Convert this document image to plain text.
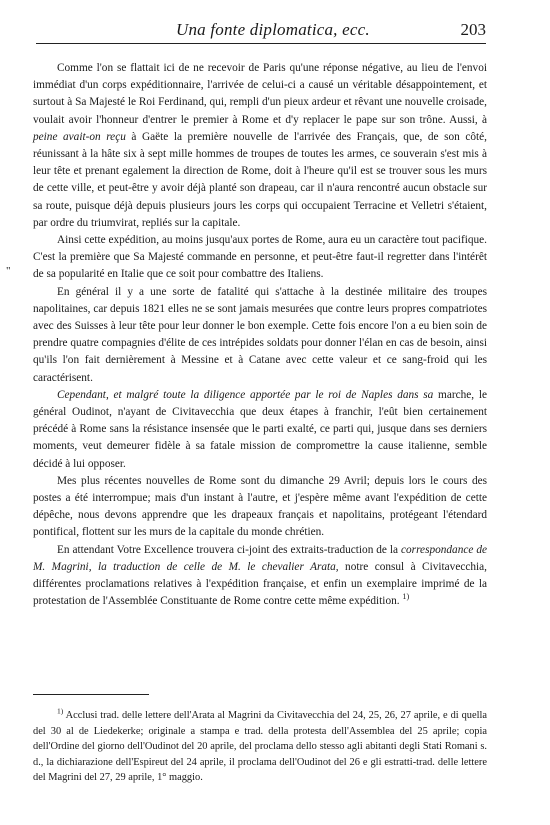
Una fonte diplomatica, ecc.	203
"

Comme l'on se flattait ici de ne recevoir de Paris qu'une réponse négative, au lieu de l'envoi immédiat d'un corps expéditionnaire, l'arrivée de celui-ci a causé un véritable désappointement, et surtout à Sa Majesté le Roi Ferdinand, qui, rempli d'un pieux ardeur et rêvant une nouvelle croisade, voulait avoir l'honneur d'entrer le premier à Rome et d'y replacer le pape sur son trône. Aussi, à peine avait-on reçu à Gaëte la première nouvelle de l'arrivée des Français, que, de son côté, réunissant à la hâte six à sept mille hommes de troupes de toutes les armes, ce souverain s'est mis à leur tête et prenant egalement la direction de Rome, doit à l'heure qu'il est se trouver sous les murs de cette ville, et peut-être y avoir déjà planté son drapeau, car il n'aura rencontré aucun obstacle sur sa route, puisque déjà depuis plusieurs jours les corps qui occupaient Terracine et Velletri s'étaient, par ordre du triumvirat, repliés sur la capitale.

Ainsi cette expédition, au moins jusqu'aux portes de Rome, aura eu un caractère tout pacifique. C'est la première que Sa Majesté commande en personne, et peut-être faut-il regretter dans l'intérêt de sa popularité en Italie que ce soit pour combattre des Italiens.

En général il y a une sorte de fatalité qui s'attache à la destinée militaire des troupes napolitaines, car depuis 1821 elles ne se sont jamais mesurées que contre leurs propres compatriotes avec des Suisses à leur tête pour leur donner le bon exemple. Cette fois encore l'on a eu bien soin de prendre quatre compagnies d'élite de ces intrépides soldats pour donner l'élan en cas de besoin, ainsi qu'ils l'on fait dernièrement à Messine et à Catane avec cette valeur et ce sang-froid qui les caractérisent.

Cependant, et malgré toute la diligence apportée par le roi de Naples dans sa marche, le général Oudinot, n'ayant de Civitavecchia que deux étapes à franchir, l'eût bien certainement précédé à Rome sans la résistance insensée que le parti exalté, ce parti qui, jusque dans ses derniers moments, veut demeurer fidèle à sa fatale mission de compromettre la cause italienne, semble décidé à lui opposer.

Mes plus récentes nouvelles de Rome sont du dimanche 29 Avril; depuis lors le cours des postes a été interrompue; mais d'un instant à l'autre, et j'espère même avant l'expédition de cette dépêche, nous devons apprendre que les drapeaux français et napolitains, protégeant l'étendard pontifical, flottent sur les murs de la capitale du monde chrétien.

En attendant Votre Excellence trouvera ci-joint des extraits-traduction de la correspondance de M. Magrini, la traduction de celle de M. le chevalier Arata, notre consul à Civitavecchia, différentes proclamations relatives à l'expédition française, et enfin un exemplaire imprimé de la protestation de l'Assemblée Constituante de Rome contre cette même expédition. $^{1)}$

$^{1)}$ Acclusi trad. delle lettere dell'Arata al Magrini da Civitavecchia del 24, 25, 26, 27 aprile, e di quella del 30 al de Liedekerke; originale a stampa e trad. della protesta dell'Assemblea del 25 aprile; copia dell'Ordine del giorno dell'Oudinot del 20 aprile, del proclama dello stesso agli abitanti degli Stati Romani s. d., la dichiarazione dell'Espireut del 24 aprile, il proclama dell'Oudinot del 26 e gli estratti-trad. delle lettere del Magrini del 27, 29 aprile, 1° maggio.
